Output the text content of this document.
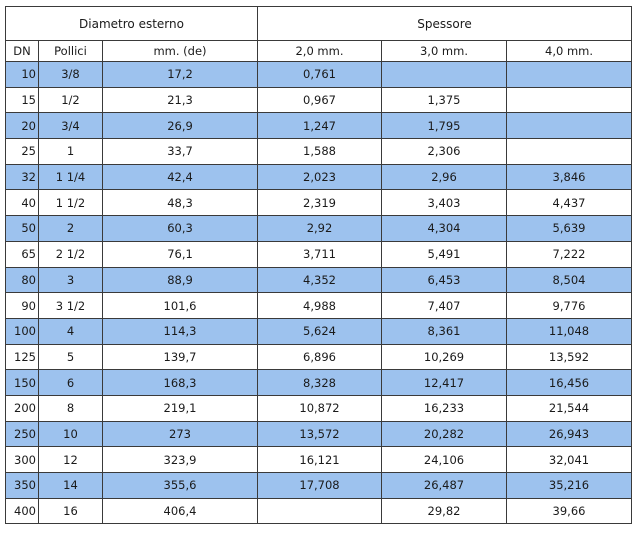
Diametro esterno			Spessore		
DN	Pollici	mm. (de)	2,0 mm.	3,0 mm.	4,0 mm.
10	3/8	17,2	0,761		
15	1/2	21,3	0,967	1,375	
20	3/4	26,9	1,247	1,795	
25	1	33,7	1,588	2,306	
32	1 1/4	42,4	2,023	2,96	3,846
40	1 1/2	48,3	2,319	3,403	4,437
50	2	60,3	2,92	4,304	5,639
65	2 1/2	76,1	3,711	5,491	7,222
80	3	88,9	4,352	6,453	8,504
90	3 1/2	101,6	4,988	7,407	9,776
100	4	114,3	5,624	8,361	11,048
125	5	139,7	6,896	10,269	13,592
150	6	168,3	8,328	12,417	16,456
200	8	219,1	10,872	16,233	21,544
250	10	273	13,572	20,282	26,943
300	12	323,9	16,121	24,106	32,041
350	14	355,6	17,708	26,487	35,216
400	16	406,4		29,82	39,66
